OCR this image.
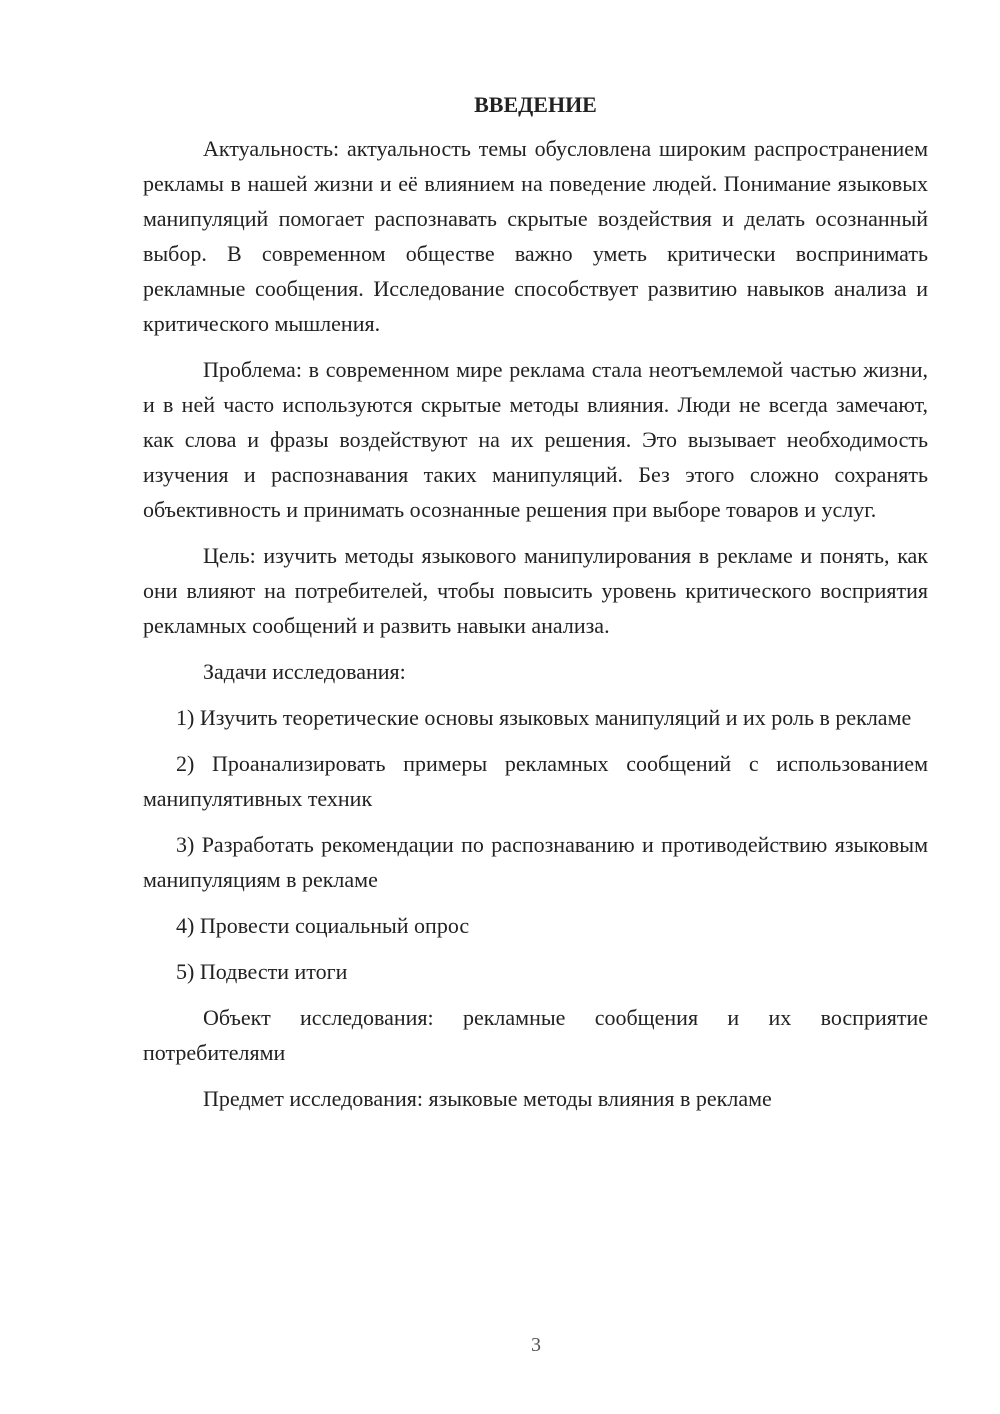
ВВЕДЕНИЕ

Актуальность: актуальность темы обусловлена широким распространением рекламы в нашей жизни и её влиянием на поведение людей. Понимание языковых манипуляций помогает распознавать скрытые воздействия и делать осознанный выбор. В современном обществе важно уметь критически воспринимать рекламные сообщения. Исследование способствует развитию навыков анализа и критического мышления.

Проблема: в современном мире реклама стала неотъемлемой частью жизни, и в ней часто используются скрытые методы влияния. Люди не всегда замечают, как слова и фразы воздействуют на их решения. Это вызывает необходимость изучения и распознавания таких манипуляций. Без этого сложно сохранять объективность и принимать осознанные решения при выборе товаров и услуг.

Цель: изучить методы языкового манипулирования в рекламе и понять, как они влияют на потребителей, чтобы повысить уровень критического восприятия рекламных сообщений и развить навыки анализа.

Задачи исследования:

1) Изучить теоретические основы языковых манипуляций и их роль в рекламе

2) Проанализировать примеры рекламных сообщений с использованием манипулятивных техник

3) Разработать рекомендации по распознаванию и противодействию языковым манипуляциям в рекламе

4) Провести социальный опрос

5) Подвести итоги

Объект исследования: рекламные сообщения и их восприятие потребителями

Предмет исследования: языковые методы влияния в рекламе

3
